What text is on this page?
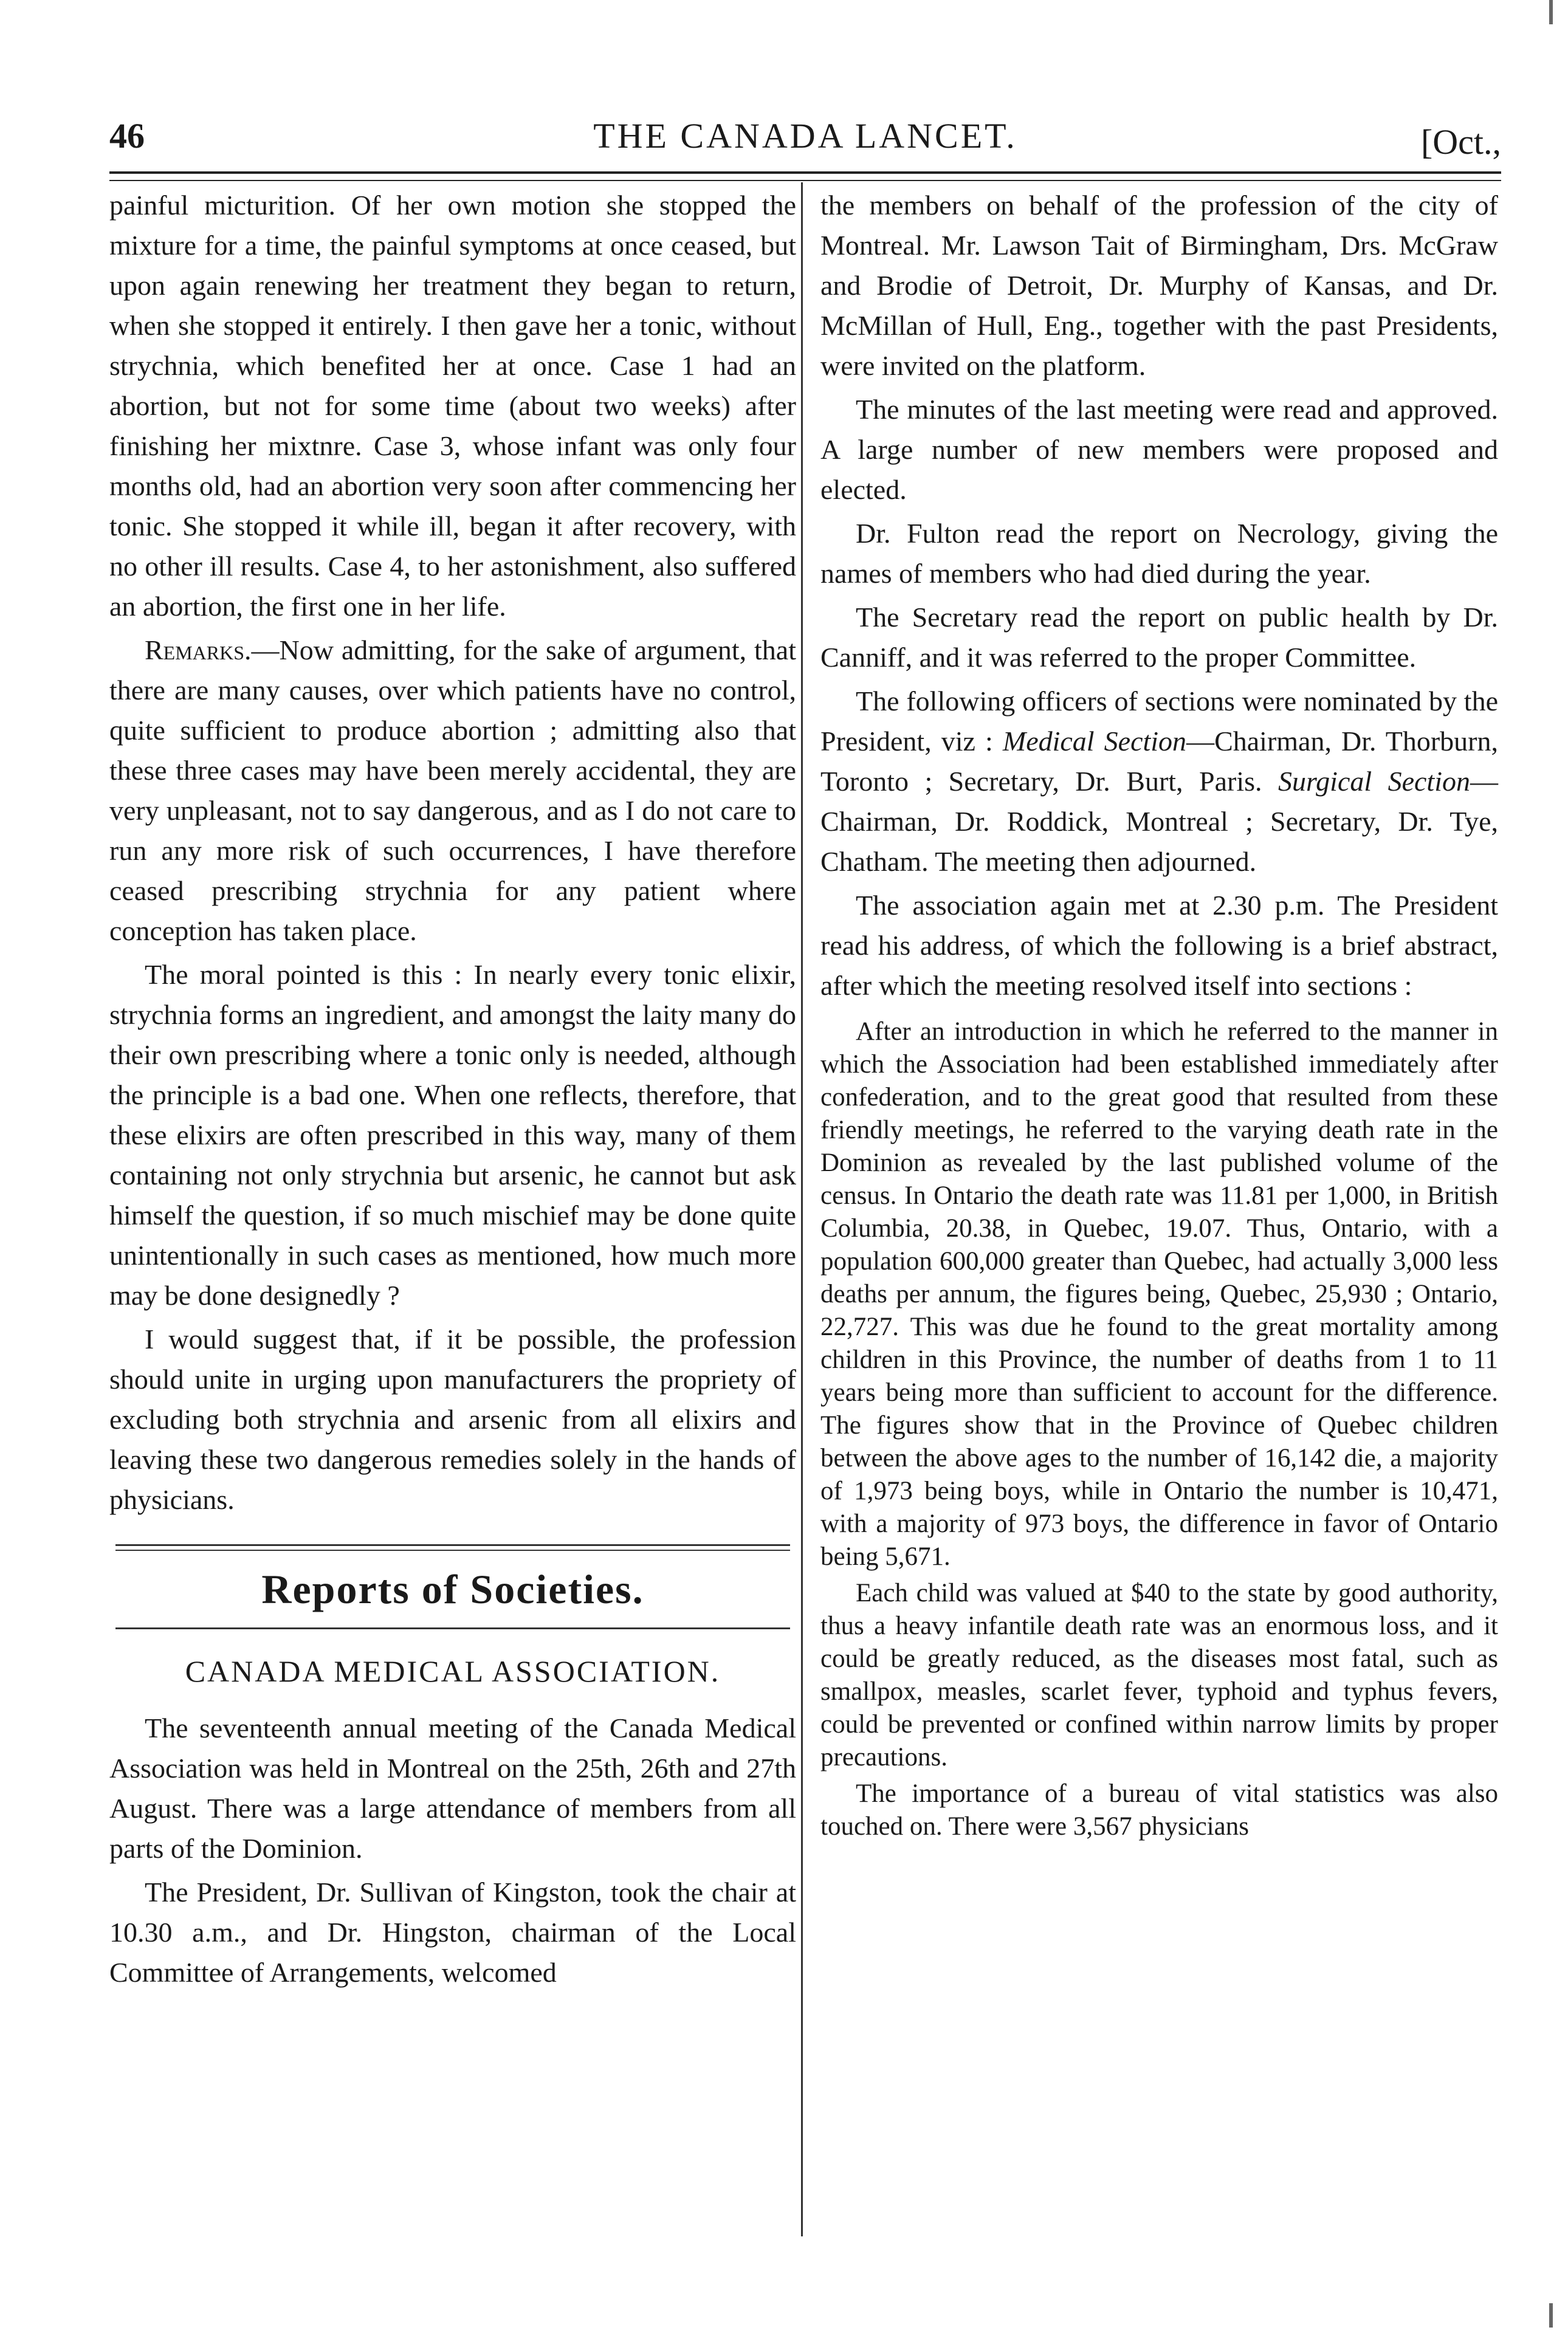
46	THE CANADA LANCET.	[Oct.,

painful micturition. Of her own motion she stopped the mixture for a time, the painful symptoms at once ceased, but upon again renewing her treatment they began to return, when she stopped it entirely. I then gave her a tonic, without strychnia, which benefited her at once. Case 1 had an abortion, but not for some time (about two weeks) after finishing her mixtnre. Case 3, whose infant was only four months old, had an abortion very soon after commencing her tonic. She stopped it while ill, began it after recovery, with no other ill results. Case 4, to her astonishment, also suffered an abortion, the first one in her life.

Remarks.—Now admitting, for the sake of argument, that there are many causes, over which patients have no control, quite sufficient to produce abortion ; admitting also that these three cases may have been merely accidental, they are very unpleasant, not to say dangerous, and as I do not care to run any more risk of such occurrences, I have therefore ceased prescribing strychnia for any patient where conception has taken place.

The moral pointed is this : In nearly every tonic elixir, strychnia forms an ingredient, and amongst the laity many do their own prescribing where a tonic only is needed, although the principle is a bad one. When one reflects, therefore, that these elixirs are often prescribed in this way, many of them containing not only strychnia but arsenic, he cannot but ask himself the question, if so much mischief may be done quite unintentionally in such cases as mentioned, how much more may be done designedly ?

I would suggest that, if it be possible, the profession should unite in urging upon manufacturers the propriety of excluding both strychnia and arsenic from all elixirs and leaving these two dangerous remedies solely in the hands of physicians.

Reports of Societies.
CANADA MEDICAL ASSOCIATION.

The seventeenth annual meeting of the Canada Medical Association was held in Montreal on the 25th, 26th and 27th August. There was a large attendance of members from all parts of the Dominion.

The President, Dr. Sullivan of Kingston, took the chair at 10.30 a.m., and Dr. Hingston, chairman of the Local Committee of Arrangements, welcomed

the members on behalf of the profession of the city of Montreal. Mr. Lawson Tait of Birmingham, Drs. McGraw and Brodie of Detroit, Dr. Murphy of Kansas, and Dr. McMillan of Hull, Eng., together with the past Presidents, were invited on the platform.

The minutes of the last meeting were read and approved. A large number of new members were proposed and elected.

Dr. Fulton read the report on Necrology, giving the names of members who had died during the year.

The Secretary read the report on public health by Dr. Canniff, and it was referred to the proper Committee.

The following officers of sections were nominated by the President, viz : Medical Section—Chairman, Dr. Thorburn, Toronto ; Secretary, Dr. Burt, Paris. Surgical Section—Chairman, Dr. Roddick, Montreal ; Secretary, Dr. Tye, Chatham. The meeting then adjourned.

The association again met at 2.30 p.m. The President read his address, of which the following is a brief abstract, after which the meeting resolved itself into sections :

After an introduction in which he referred to the manner in which the Association had been established immediately after confederation, and to the great good that resulted from these friendly meetings, he referred to the varying death rate in the Dominion as revealed by the last published volume of the census. In Ontario the death rate was 11.81 per 1,000, in British Columbia, 20.38, in Quebec, 19.07. Thus, Ontario, with a population 600,000 greater than Quebec, had actually 3,000 less deaths per annum, the figures being, Quebec, 25,930 ; Ontario, 22,727. This was due he found to the great mortality among children in this Province, the number of deaths from 1 to 11 years being more than sufficient to account for the difference. The figures show that in the Province of Quebec children between the above ages to the number of 16,142 die, a majority of 1,973 being boys, while in Ontario the number is 10,471, with a majority of 973 boys, the difference in favor of Ontario being 5,671.

Each child was valued at $40 to the state by good authority, thus a heavy infantile death rate was an enormous loss, and it could be greatly reduced, as the diseases most fatal, such as smallpox, measles, scarlet fever, typhoid and typhus fevers, could be prevented or confined within narrow limits by proper precautions.

The importance of a bureau of vital statistics was also touched on. There were 3,567 physicians
